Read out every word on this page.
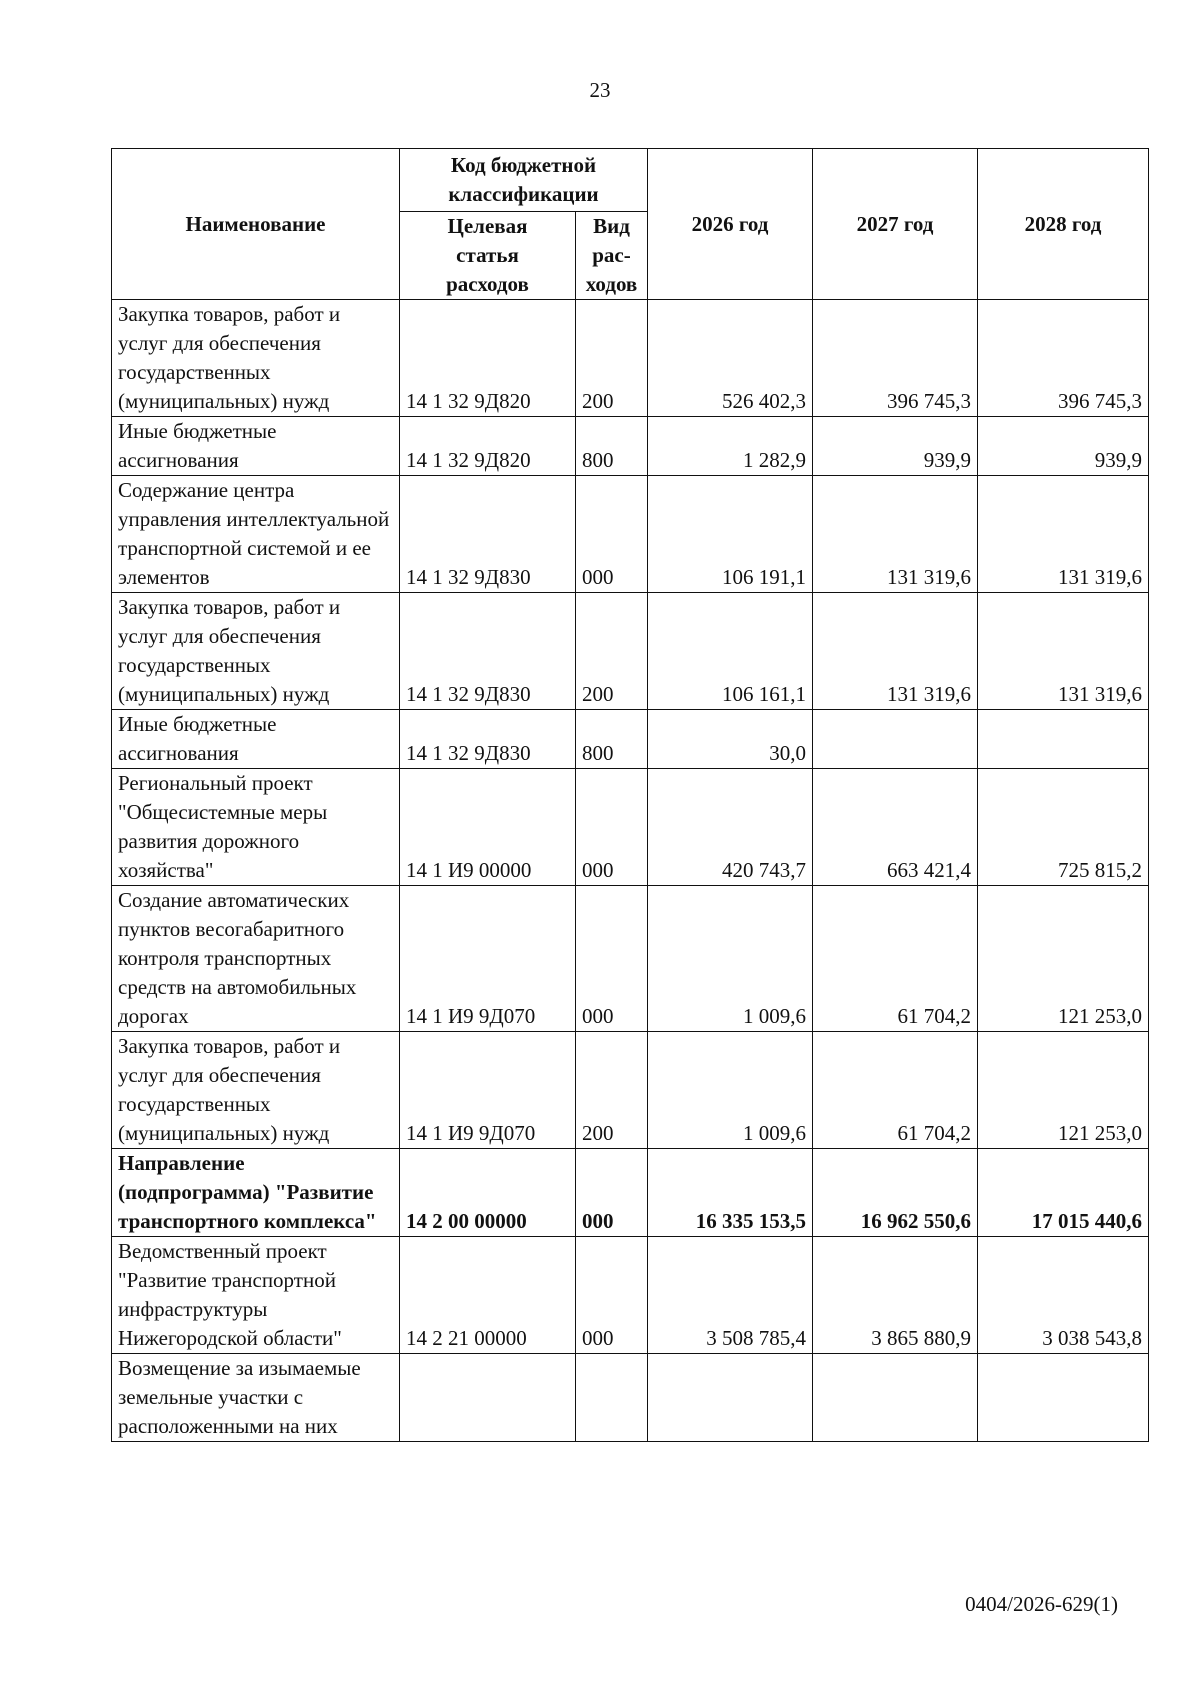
23
Наименование	Код бюджетной классификации		2026 год	2027 год	2028 год
	Целевая статья расходов	Вид рас- ходов			
Закупка товаров, работ и услуг для обеспечения государственных (муниципальных) нужд	14 1 32 9Д820	200	526 402,3	396 745,3	396 745,3
Иные бюджетные ассигнования	14 1 32 9Д820	800	1 282,9	939,9	939,9
Содержание центра управления интеллектуальной транспортной системой и ее элементов	14 1 32 9Д830	000	106 191,1	131 319,6	131 319,6
Закупка товаров, работ и услуг для обеспечения государственных (муниципальных) нужд	14 1 32 9Д830	200	106 161,1	131 319,6	131 319,6
Иные бюджетные ассигнования	14 1 32 9Д830	800	30,0		
Региональный проект "Общесистемные меры развития дорожного хозяйства"	14 1 И9 00000	000	420 743,7	663 421,4	725 815,2
Создание автоматических пунктов весогабаритного контроля транспортных средств на автомобильных дорогах	14 1 И9 9Д070	000	1 009,6	61 704,2	121 253,0
Закупка товаров, работ и услуг для обеспечения государственных (муниципальных) нужд	14 1 И9 9Д070	200	1 009,6	61 704,2	121 253,0
Направление (подпрограмма) "Развитие транспортного комплекса"	14 2 00 00000	000	16 335 153,5	16 962 550,6	17 015 440,6
Ведомственный проект "Развитие транспортной инфраструктуры Нижегородской области"	14 2 21 00000	000	3 508 785,4	3 865 880,9	3 038 543,8
Возмещение за изымаемые земельные участки с расположенными на них					
0404/2026-629(1)
